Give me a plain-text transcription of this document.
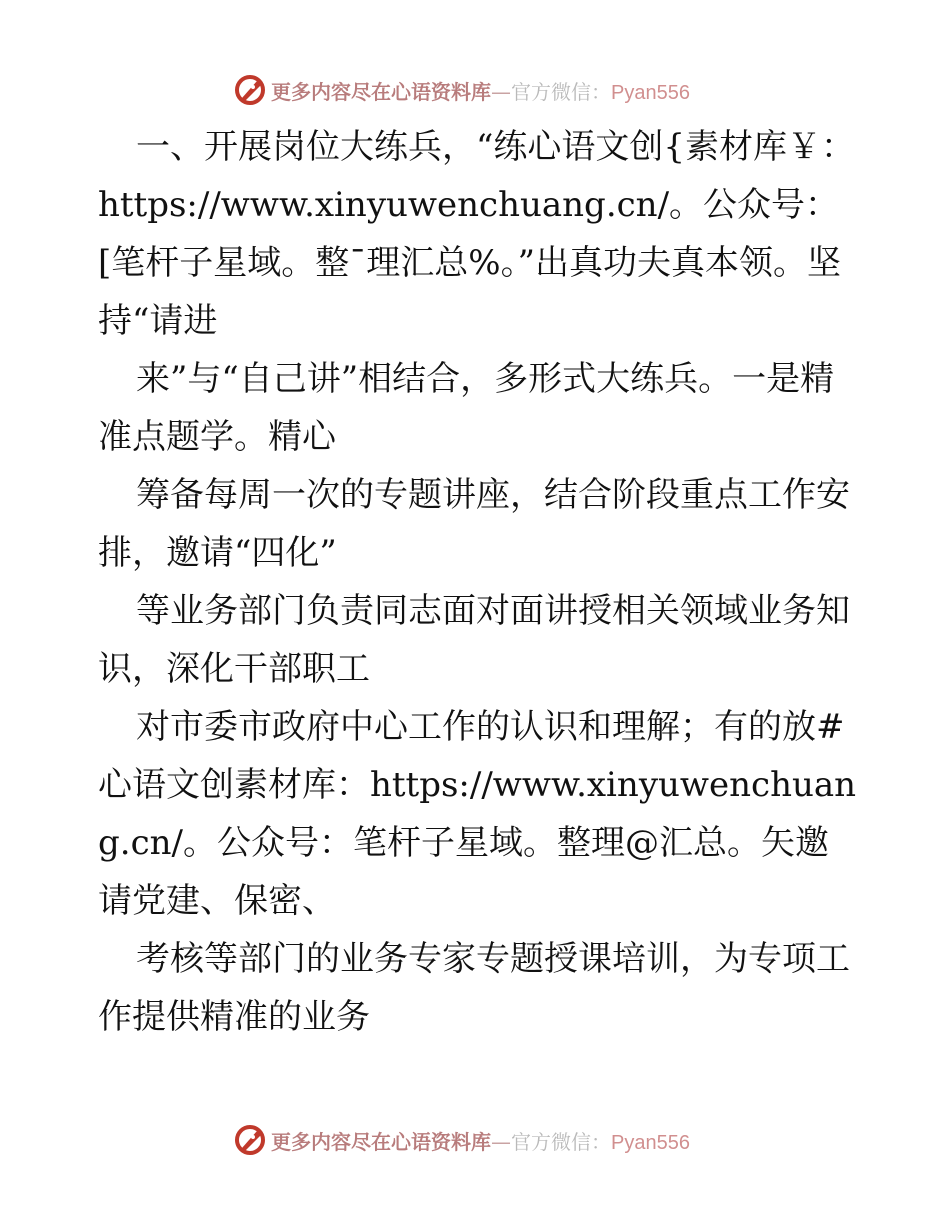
更多内容尽在心语资料库—官方微信：Pyan556

一、开展岗位大练兵，“练心语文创{素材库￥：https://www.xinyuwenchuang.cn/。公众号：[笔杆子星域。整¯理汇总%。”出真功夫真本领。坚持“请进

来”与“自己讲”相结合，多形式大练兵。一是精准点题学。精心

筹备每周一次的专题讲座，结合阶段重点工作安排，邀请“四化”

等业务部门负责同志面对面讲授相关领域业务知识，深化干部职工

对市委市政府中心工作的认识和理解；有的放#心语文创素材库：https://www.xinyuwenchuang.cn/。公众号：笔杆子星域。整理@汇总。矢邀请党建、保密、

考核等部门的业务专家专题授课培训，为专项工作提供精准的业务

更多内容尽在心语资料库—官方微信：Pyan556
